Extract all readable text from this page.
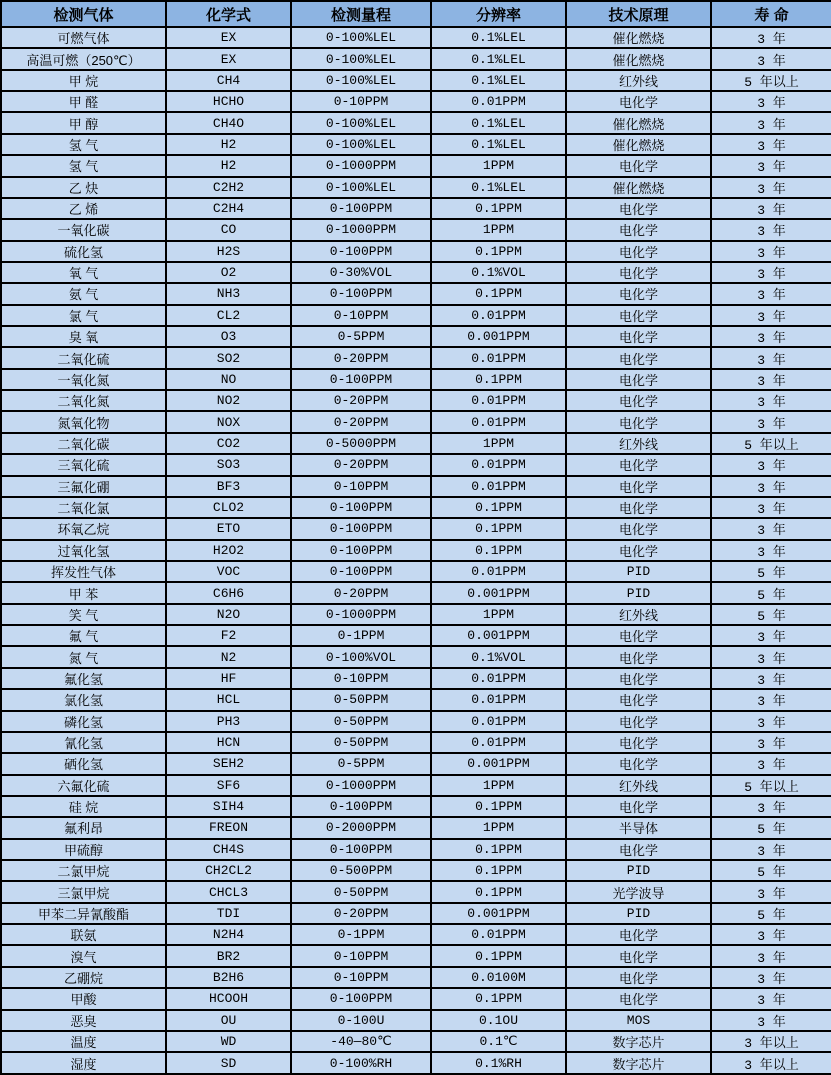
检测气体	化学式	检测量程	分辨率	技术原理	寿 命
可燃气体	EX	0-100%LEL	0.1%LEL	催化燃烧	3 年
高温可燃（250℃）	EX	0-100%LEL	0.1%LEL	催化燃烧	3 年
甲 烷	CH4	0-100%LEL	0.1%LEL	红外线	5 年以上
甲 醛	HCHO	0-10PPM	0.01PPM	电化学	3 年
甲 醇	CH4O	0-100%LEL	0.1%LEL	催化燃烧	3 年
氢 气	H2	0-100%LEL	0.1%LEL	催化燃烧	3 年
氢 气	H2	0-1000PPM	1PPM	电化学	3 年
乙 炔	C2H2	0-100%LEL	0.1%LEL	催化燃烧	3 年
乙 烯	C2H4	0-100PPM	0.1PPM	电化学	3 年
一氧化碳	CO	0-1000PPM	1PPM	电化学	3 年
硫化氢	H2S	0-100PPM	0.1PPM	电化学	3 年
氧 气	O2	0-30%VOL	0.1%VOL	电化学	3 年
氨 气	NH3	0-100PPM	0.1PPM	电化学	3 年
氯 气	CL2	0-10PPM	0.01PPM	电化学	3 年
臭 氧	O3	0-5PPM	0.001PPM	电化学	3 年
二氧化硫	SO2	0-20PPM	0.01PPM	电化学	3 年
一氧化氮	NO	0-100PPM	0.1PPM	电化学	3 年
二氧化氮	NO2	0-20PPM	0.01PPM	电化学	3 年
氮氧化物	NOX	0-20PPM	0.01PPM	电化学	3 年
二氧化碳	CO2	0-5000PPM	1PPM	红外线	5 年以上
三氧化硫	SO3	0-20PPM	0.01PPM	电化学	3 年
三氟化硼	BF3	0-10PPM	0.01PPM	电化学	3 年
二氧化氯	CLO2	0-100PPM	0.1PPM	电化学	3 年
环氧乙烷	ETO	0-100PPM	0.1PPM	电化学	3 年
过氧化氢	H2O2	0-100PPM	0.1PPM	电化学	3 年
挥发性气体	VOC	0-100PPM	0.01PPM	PID	5 年
甲 苯	C6H6	0-20PPM	0.001PPM	PID	5 年
笑 气	N2O	0-1000PPM	1PPM	红外线	5 年
氟 气	F2	0-1PPM	0.001PPM	电化学	3 年
氮 气	N2	0-100%VOL	0.1%VOL	电化学	3 年
氟化氢	HF	0-10PPM	0.01PPM	电化学	3 年
氯化氢	HCL	0-50PPM	0.01PPM	电化学	3 年
磷化氢	PH3	0-50PPM	0.01PPM	电化学	3 年
氰化氢	HCN	0-50PPM	0.01PPM	电化学	3 年
硒化氢	SEH2	0-5PPM	0.001PPM	电化学	3 年
六氟化硫	SF6	0-1000PPM	1PPM	红外线	5 年以上
硅 烷	SIH4	0-100PPM	0.1PPM	电化学	3 年
氟利昂	FREON	0-2000PPM	1PPM	半导体	5 年
甲硫醇	CH4S	0-100PPM	0.1PPM	电化学	3 年
二氯甲烷	CH2CL2	0-500PPM	0.1PPM	PID	5 年
三氯甲烷	CHCL3	0-50PPM	0.1PPM	光学波导	3 年
甲苯二异氰酸酯	TDI	0-20PPM	0.001PPM	PID	5 年
联氨	N2H4	0-1PPM	0.01PPM	电化学	3 年
溴气	BR2	0-10PPM	0.1PPM	电化学	3 年
乙硼烷	B2H6	0-10PPM	0.0100M	电化学	3 年
甲酸	HCOOH	0-100PPM	0.1PPM	电化学	3 年
恶臭	OU	0-100U	0.1OU	MOS	3 年
温度	WD	-40—80℃	0.1℃	数字芯片	3 年以上
湿度	SD	0-100%RH	0.1%RH	数字芯片	3 年以上
